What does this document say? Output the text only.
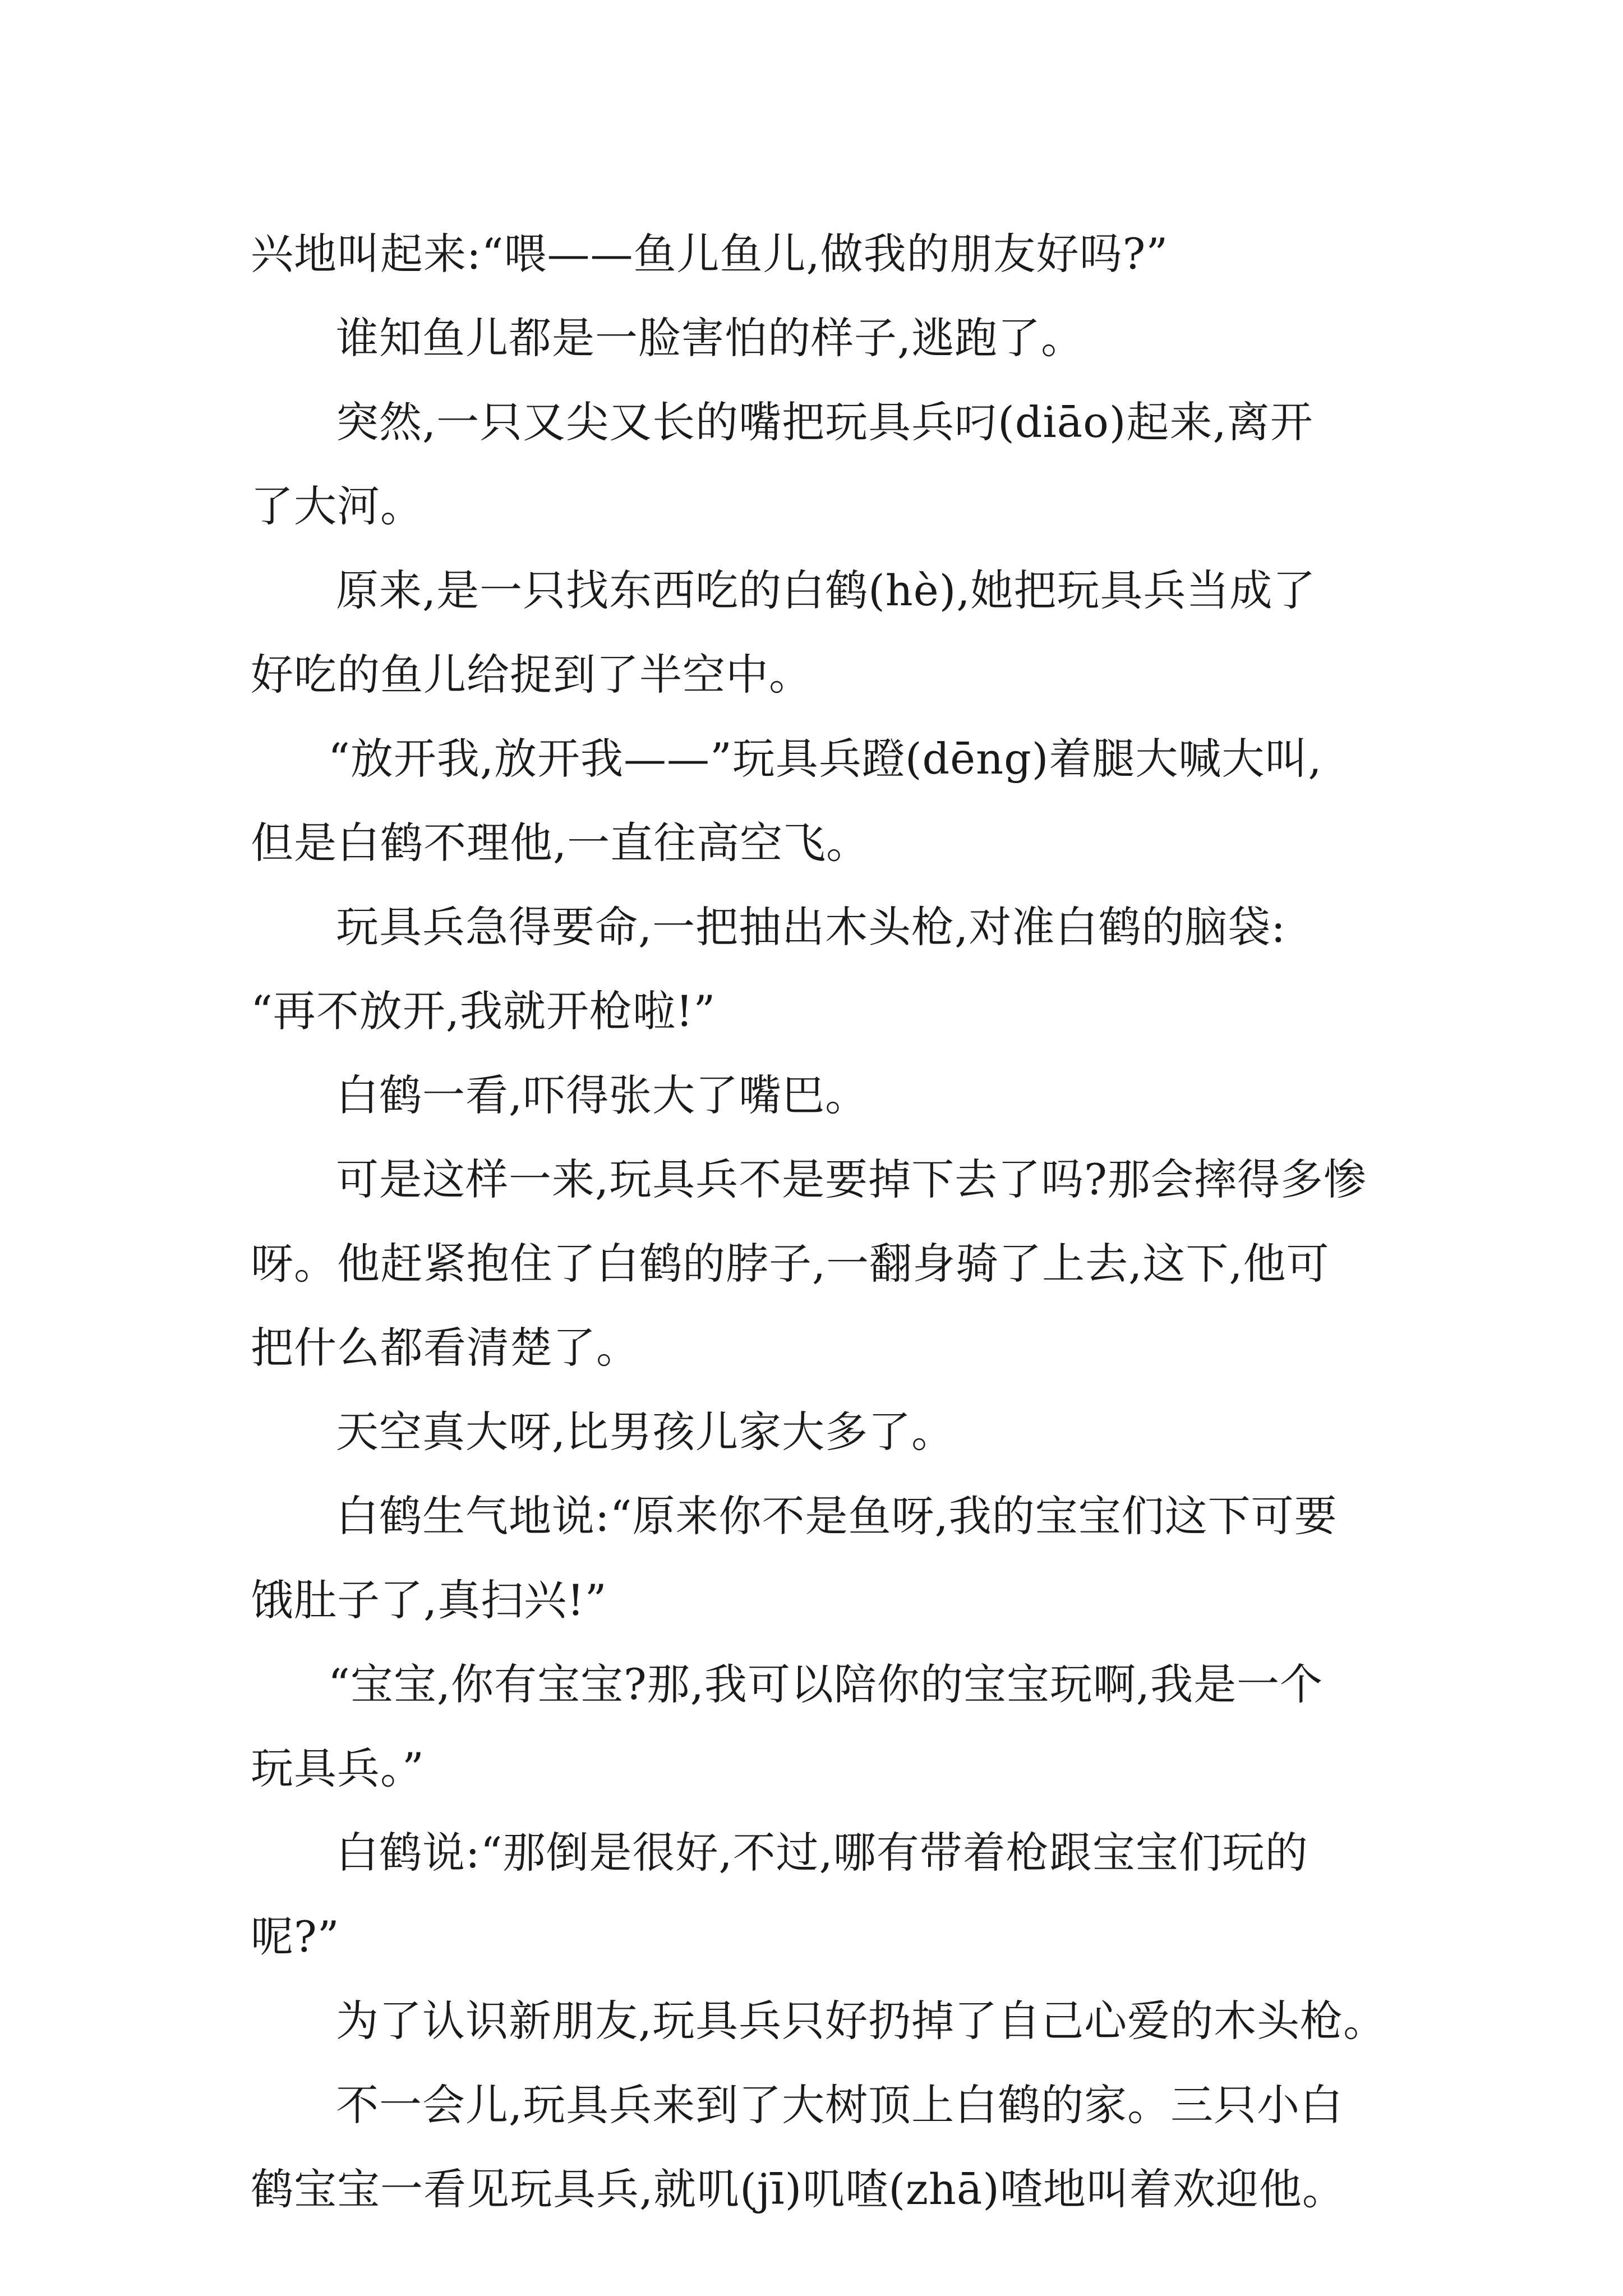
兴地叫起来:“喂——鱼儿鱼儿,做我的朋友好吗?”
谁知鱼儿都是一脸害怕的样子,逃跑了。
突然,一只又尖又长的嘴把玩具兵叼(diāo)起来,离开
了大河。
原来,是一只找东西吃的白鹤(hè),她把玩具兵当成了
好吃的鱼儿给捉到了半空中。
“放开我,放开我——”玩具兵蹬(dēng)着腿大喊大叫,
但是白鹤不理他,一直往高空飞。
玩具兵急得要命,一把抽出木头枪,对准白鹤的脑袋:
“再不放开,我就开枪啦!”
白鹤一看,吓得张大了嘴巴。
可是这样一来,玩具兵不是要掉下去了吗?那会摔得多惨
呀。他赶紧抱住了白鹤的脖子,一翻身骑了上去,这下,他可
把什么都看清楚了。
天空真大呀,比男孩儿家大多了。
白鹤生气地说:“原来你不是鱼呀,我的宝宝们这下可要
饿肚子了,真扫兴!”
“宝宝,你有宝宝?那,我可以陪你的宝宝玩啊,我是一个
玩具兵。”
白鹤说:“那倒是很好,不过,哪有带着枪跟宝宝们玩的
呢?”
为了认识新朋友,玩具兵只好扔掉了自己心爱的木头枪。
不一会儿,玩具兵来到了大树顶上白鹤的家。三只小白
鹤宝宝一看见玩具兵,就叽(jī)叽喳(zhā)喳地叫着欢迎他。
